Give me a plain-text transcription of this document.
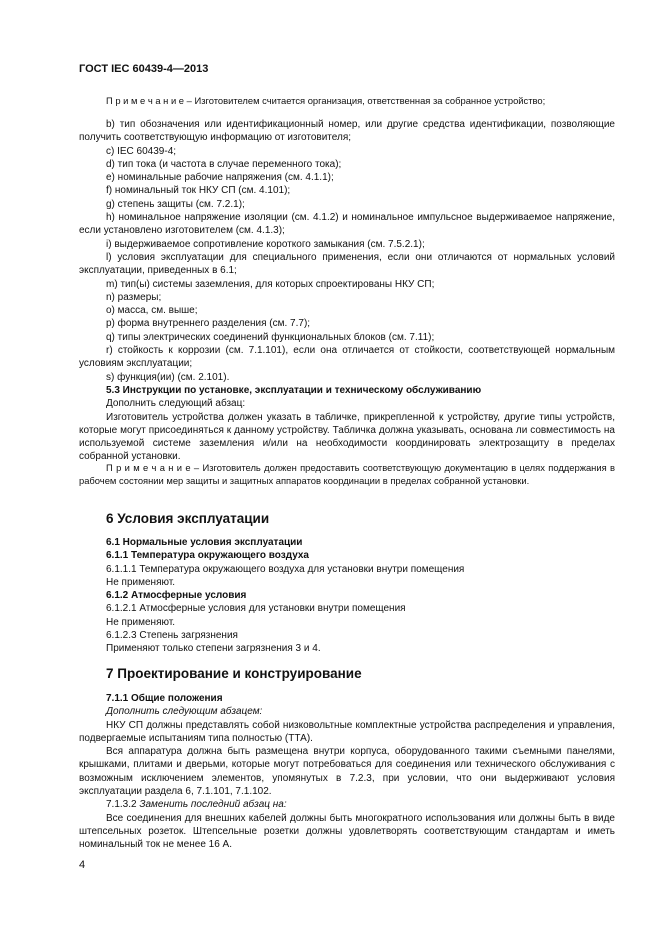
ГОСТ IEC 60439-4—2013

П р и м е ч а н и е – Изготовителем считается организация, ответственная за собранное устройство;

b) тип обозначения или идентификационный номер, или другие средства идентификации, позволяющие получить соответствующую информацию от изготовителя;

c) IEC 60439-4;

d) тип тока (и частота в случае переменного тока);

e) номинальные рабочие напряжения (см. 4.1.1);

f) номинальный ток НКУ СП (см. 4.101);

g) степень защиты (см. 7.2.1);

h) номинальное напряжение изоляции (см. 4.1.2) и номинальное импульсное выдерживаемое напряжение, если установлено изготовителем (см. 4.1.3);

i) выдерживаемое сопротивление короткого замыкания (см. 7.5.2.1);

l) условия эксплуатации для специального применения, если они отличаются от нормальных условий эксплуатации, приведенных в 6.1;

m) тип(ы) системы заземления, для которых спроектированы НКУ СП;

n) размеры;

o) масса, см. выше;

p) форма внутреннего разделения (см. 7.7);

q) типы электрических соединений функциональных блоков (см. 7.11);

r) стойкость к коррозии (см. 7.1.101), если она отличается от стойкости, соответствующей нормальным условиям эксплуатации;

s) функция(ии) (см. 2.101).

5.3 Инструкции по установке, эксплуатации и техническому обслуживанию

Дополнить следующий абзац:

Изготовитель устройства должен указать в табличке, прикрепленной к устройству, другие типы устройств, которые могут присоединяться к данному устройству. Табличка должна указывать, основана ли совместимость на используемой системе заземления и/или на необходимости координировать электрозащиту в пределах собранной установки.

П р и м е ч а н и е – Изготовитель должен предоставить соответствующую документацию в целях поддержания в рабочем состоянии мер защиты и защитных аппаратов координации в пределах собранной установки.

6 Условия эксплуатации

6.1 Нормальные условия эксплуатации

6.1.1 Температура окружающего воздуха

6.1.1.1 Температура окружающего воздуха для установки внутри помещения

Не применяют.

6.1.2 Атмосферные условия

6.1.2.1 Атмосферные условия для установки внутри помещения

Не применяют.

6.1.2.3 Степень загрязнения

Применяют только степени загрязнения 3 и 4.

7 Проектирование и конструирование

7.1.1 Общие положения

Дополнить следующим абзацем:

НКУ СП должны представлять собой низковольтные комплектные устройства распределения и управления, подвергаемые испытаниям типа полностью (ТТА).

Вся аппаратура должна быть размещена внутри корпуса, оборудованного такими съемными панелями, крышками, плитами и дверьми, которые могут потребоваться для соединения или технического обслуживания с возможным исключением элементов, упомянутых в 7.2.3, при условии, что они выдерживают условия эксплуатации раздела 6, 7.1.101, 7.1.102.

7.1.3.2 Заменить последний абзац на:

Все соединения для внешних кабелей должны быть многократного использования или должны быть в виде штепсельных розеток. Штепсельные розетки должны удовлетворять соответствующим стандартам и иметь номинальный ток не менее 16 А.

4
